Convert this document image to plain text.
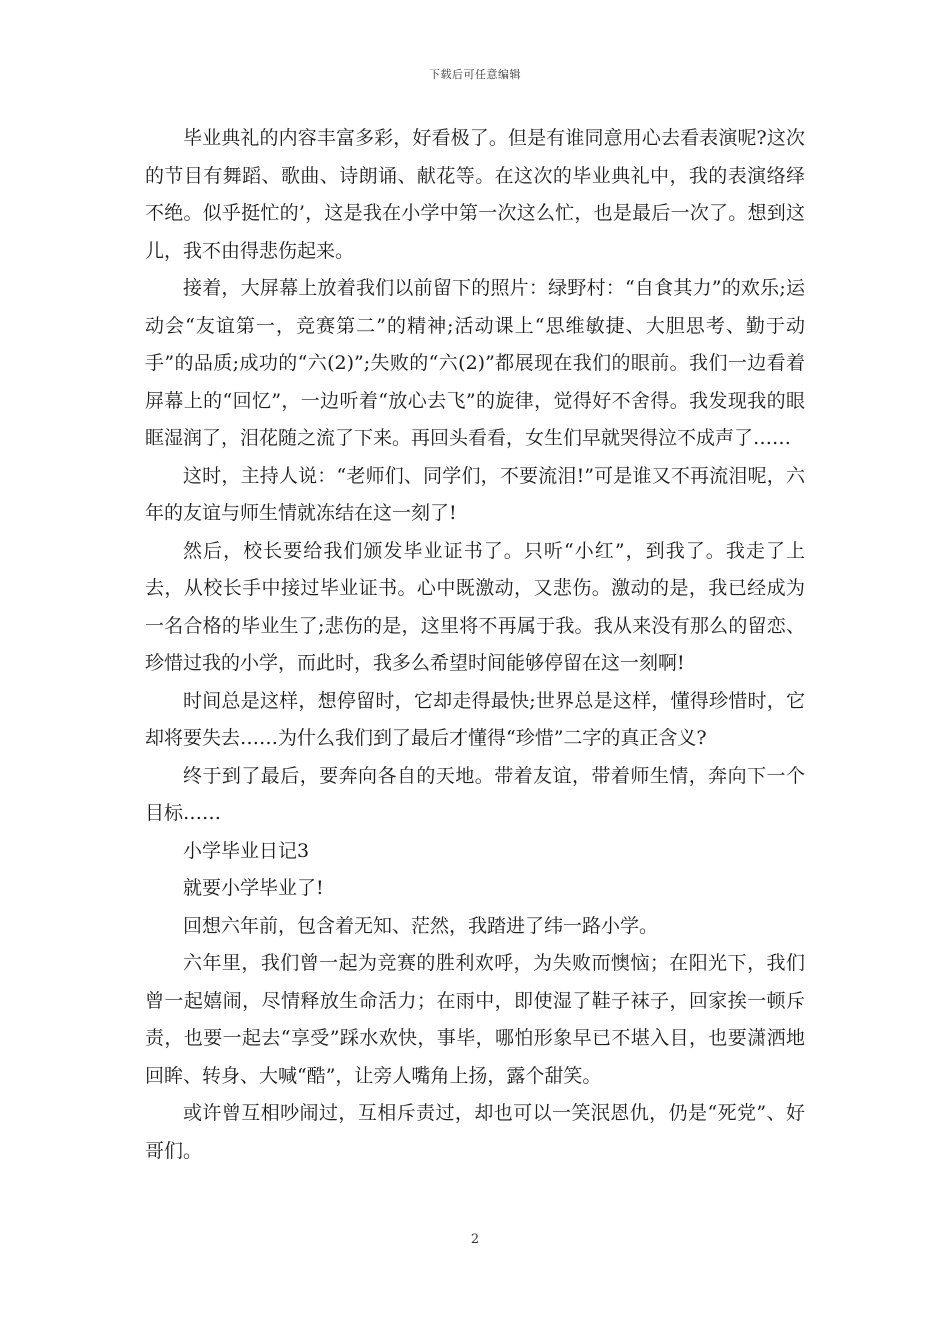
下载后可任意编辑

毕业典礼的内容丰富多彩，好看极了。但是有谁同意用心去看表演呢?这次的节目有舞蹈、歌曲、诗朗诵、献花等。在这次的毕业典礼中，我的表演络绎不绝。似乎挺忙的’，这是我在小学中第一次这么忙，也是最后一次了。想到这儿，我不由得悲伤起来。

接着，大屏幕上放着我们以前留下的照片：绿野村：“自食其力”的欢乐;运动会“友谊第一，竞赛第二”的精神;活动课上“思维敏捷、大胆思考、勤于动手”的品质;成功的“六(2)”;失败的“六(2)”都展现在我们的眼前。我们一边看着屏幕上的“回忆”，一边听着“放心去飞”的旋律，觉得好不舍得。我发现我的眼眶湿润了，泪花随之流了下来。再回头看看，女生们早就哭得泣不成声了……

这时，主持人说：“老师们、同学们，不要流泪!”可是谁又不再流泪呢，六年的友谊与师生情就冻结在这一刻了!

然后，校长要给我们颁发毕业证书了。只听“小红”，到我了。我走了上去，从校长手中接过毕业证书。心中既激动，又悲伤。激动的是，我已经成为一名合格的毕业生了;悲伤的是，这里将不再属于我。我从来没有那么的留恋、珍惜过我的小学，而此时，我多么希望时间能够停留在这一刻啊!

时间总是这样，想停留时，它却走得最快;世界总是这样，懂得珍惜时，它却将要失去……为什么我们到了最后才懂得“珍惜”二字的真正含义?

终于到了最后，要奔向各自的天地。带着友谊，带着师生情，奔向下一个目标……

小学毕业日记3

就要小学毕业了!

回想六年前，包含着无知、茫然，我踏进了纬一路小学。

六年里，我们曾一起为竞赛的胜利欢呼，为失败而懊恼；在阳光下，我们曾一起嬉闹，尽情释放生命活力；在雨中，即使湿了鞋子袜子，回家挨一顿斥责，也要一起去“享受”踩水欢快，事毕，哪怕形象早已不堪入目，也要潇洒地回眸、转身、大喊“酷”，让旁人嘴角上扬，露个甜笑。

或许曾互相吵闹过，互相斥责过，却也可以一笑泯恩仇，仍是“死党”、好哥们。

2
